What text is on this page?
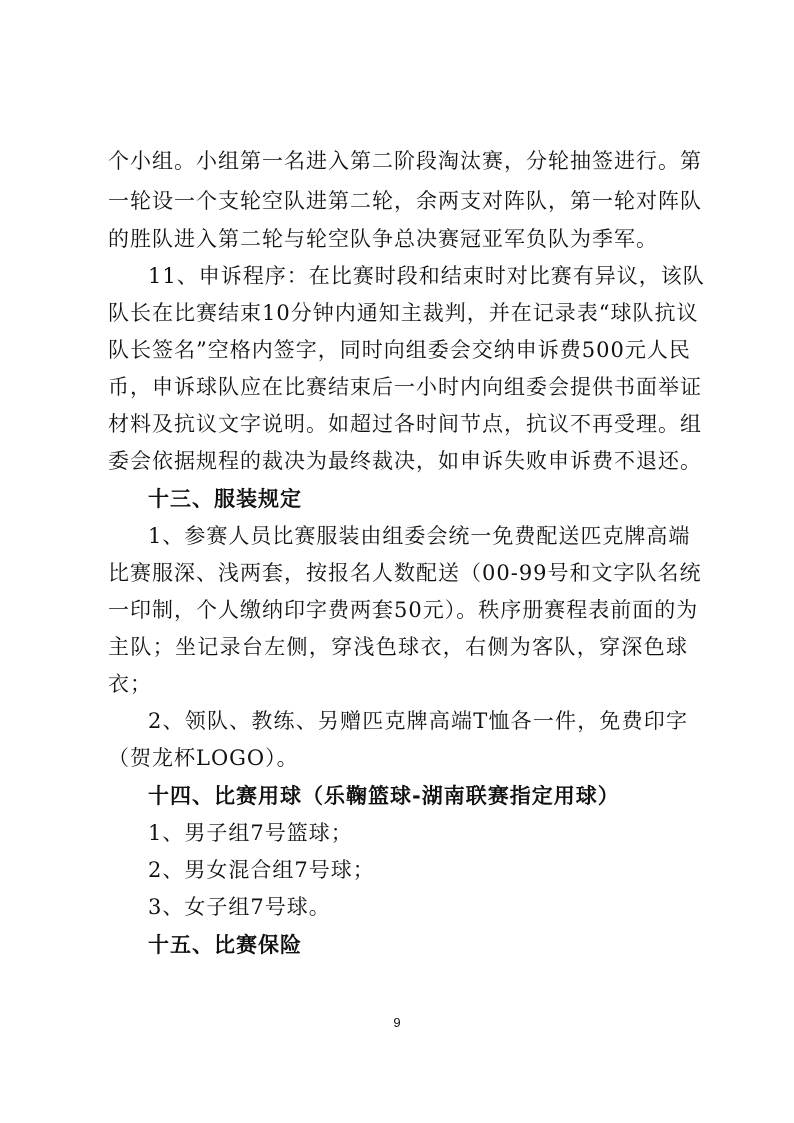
个小组。小组第一名进入第二阶段淘汰赛，分轮抽签进行。第
一轮设一个支轮空队进第二轮，余两支对阵队，第一轮对阵队
的胜队进入第二轮与轮空队争总决赛冠亚军负队为季军。
11、申诉程序：在比赛时段和结束时对比赛有异议，该队
队长在比赛结束10分钟内通知主裁判，并在记录表“球队抗议
队长签名”空格内签字，同时向组委会交纳申诉费500元人民
币，申诉球队应在比赛结束后一小时内向组委会提供书面举证
材料及抗议文字说明。如超过各时间节点，抗议不再受理。组
委会依据规程的裁决为最终裁决，如申诉失败申诉费不退还。
十三、服装规定
1、参赛人员比赛服装由组委会统一免费配送匹克牌高端
比赛服深、浅两套，按报名人数配送（00-99号和文字队名统
一印制，个人缴纳印字费两套50元）。秩序册赛程表前面的为
主队；坐记录台左侧，穿浅色球衣，右侧为客队，穿深色球
衣；
2、领队、教练、另赠匹克牌高端T恤各一件，免费印字
（贺龙杯LOGO）。
十四、比赛用球（乐鞠篮球-湖南联赛指定用球）
1、男子组7号篮球；
2、男女混合组7号球；
3、女子组7号球。
十五、比赛保险
9
